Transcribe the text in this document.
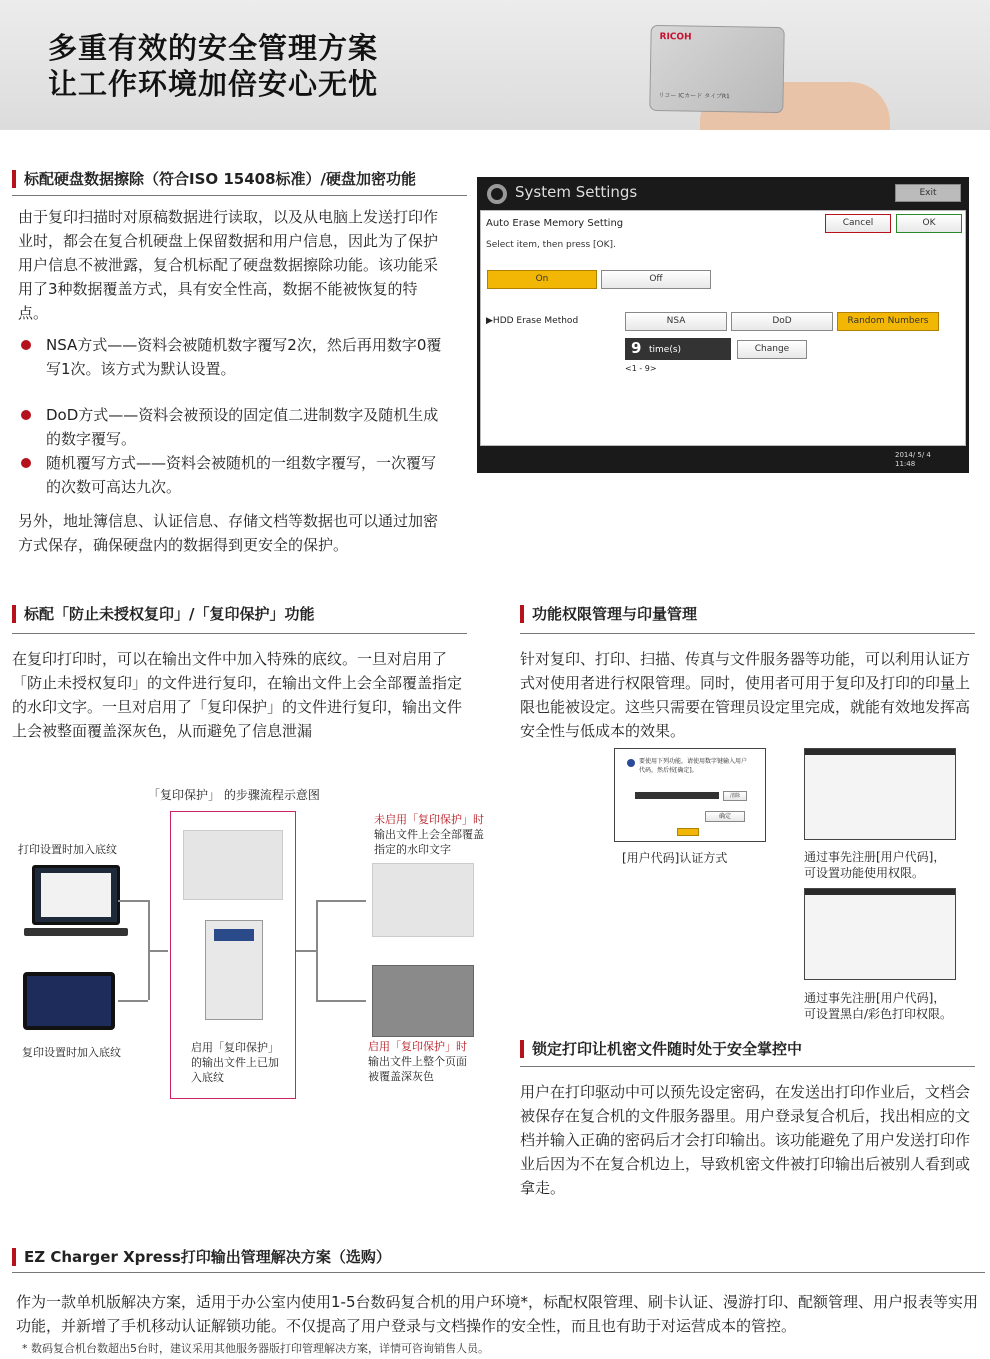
多重有效的安全管理方案
让工作环境加倍安心无忧
RICOH
リコー ICカード タイプR1
标配硬盘数据擦除（符合ISO 15408标准）/硬盘加密功能
由于复印扫描时对原稿数据进行读取，以及从电脑上发送打印作业时，都会在复合机硬盘上保留数据和用户信息，因此为了保护用户信息不被泄露，复合机标配了硬盘数据擦除功能。该功能采用了3种数据覆盖方式，具有安全性高，数据不能被恢复的特点。
NSA方式——资料会被随机数字覆写2次，然后再用数字0覆写1次。该方式为默认设置。
DoD方式——资料会被预设的固定值二进制数字及随机生成的数字覆写。
随机覆写方式——资料会被随机的一组数字覆写，一次覆写的次数可高达九次。
另外，地址簿信息、认证信息、存储文档等数据也可以通过加密方式保存，确保硬盘内的数据得到更安全的保护。
System Settings	Exit
Auto Erase Memory Setting	Cancel	OK
Select item, then press [OK].
On	Off
▶HDD Erase Method	NSA	DoD	Random Numbers
9 time(s)	Change
<1 - 9>
2014/ 5/ 4
11:48
标配「防止未授权复印」/「复印保护」功能
在复印打印时，可以在输出文件中加入特殊的底纹。一旦对启用了「防止未授权复印」的文件进行复印，在输出文件上会全部覆盖指定的水印文字。一旦对启用了「复印保护」的文件进行复印，输出文件上会被整面覆盖深灰色，从而避免了信息泄漏
「复印保护」 的步骤流程示意图
打印设置时加入底纹
复印设置时加入底纹	启用「复印保护」
的输出文件上已加
入底纹
未启用「复印保护」时
输出文件上会全部覆盖
指定的水印文字
启用「复印保护」时
输出文件上整个页面
被覆盖深灰色
功能权限管理与印量管理
针对复印、打印、扫描、传真与文件服务器等功能，可以利用认证方式对使用者进行权限管理。同时，使用者可用于复印及打印的印量上限也能被设定。这些只需要在管理员设定里完成，就能有效地发挥高安全性与低成本的效果。
要使用下列功能，请使用数字键输入用户代码，然后按[确定]。
清除
确定
[用户代码]认证方式	通过事先注册[用户代码]，
可设置功能使用权限。
通过事先注册[用户代码]，
可设置黑白/彩色打印权限。
锁定打印让机密文件随时处于安全掌控中
用户在打印驱动中可以预先设定密码，在发送出打印作业后，文档会被保存在复合机的文件服务器里。用户登录复合机后，找出相应的文档并输入正确的密码后才会打印输出。该功能避免了用户发送打印作业后因为不在复合机边上，导致机密文件被打印输出后被别人看到或拿走。
EZ Charger Xpress打印输出管理解决方案（选购）
作为一款单机版解决方案，适用于办公室内使用1-5台数码复合机的用户环境*，标配权限管理、刷卡认证、漫游打印、配额管理、用户报表等实用功能，并新增了手机移动认证解锁功能。不仅提高了用户登录与文档操作的安全性，而且也有助于对运营成本的管控。
* 数码复合机台数超出5台时，建议采用其他服务器版打印管理解决方案，详情可咨询销售人员。
